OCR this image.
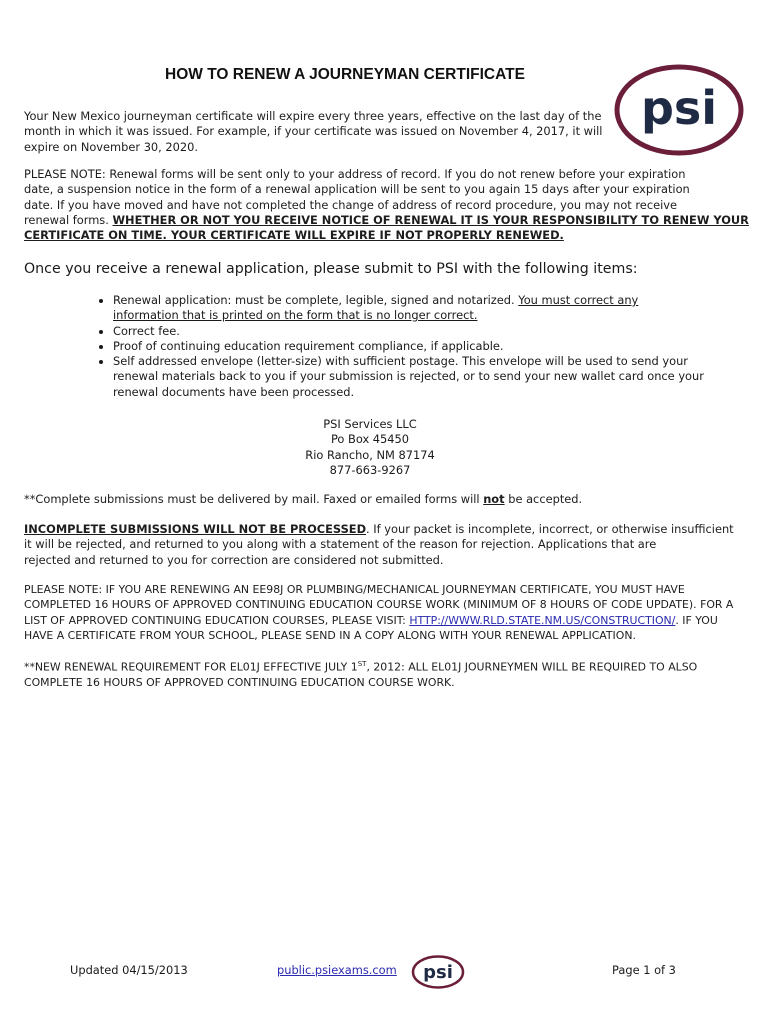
HOW TO RENEW A JOURNEYMAN CERTIFICATE
psi
Your New Mexico journeyman certificate will expire every three years, effective on the last day of the
month in which it was issued. For example, if your certificate was issued on November 4, 2017, it will
expire on November 30, 2020.
PLEASE NOTE: Renewal forms will be sent only to your address of record. If you do not renew before your expiration
date, a suspension notice in the form of a renewal application will be sent to you again 15 days after your expiration
date. If you have moved and have not completed the change of address of record procedure, you may not receive
renewal forms. WHETHER OR NOT YOU RECEIVE NOTICE OF RENEWAL IT IS YOUR RESPONSIBILITY TO RENEW YOUR
CERTIFICATE ON TIME. YOUR CERTIFICATE WILL EXPIRE IF NOT PROPERLY RENEWED.
Once you receive a renewal application, please submit to PSI with the following items:
• Renewal application: must be complete, legible, signed and notarized. You must correct any
information that is printed on the form that is no longer correct.
• Correct fee.
• Proof of continuing education requirement compliance, if applicable.
• Self addressed envelope (letter-size) with sufficient postage. This envelope will be used to send your
renewal materials back to you if your submission is rejected, or to send your new wallet card once your
renewal documents have been processed.
PSI Services LLC
Po Box 45450
Rio Rancho, NM 87174
877-663-9267
**Complete submissions must be delivered by mail. Faxed or emailed forms will not be accepted.
INCOMPLETE SUBMISSIONS WILL NOT BE PROCESSED. If your packet is incomplete, incorrect, or otherwise insufficient
it will be rejected, and returned to you along with a statement of the reason for rejection. Applications that are
rejected and returned to you for correction are considered not submitted.
PLEASE NOTE: IF YOU ARE RENEWING AN EE98J OR PLUMBING/MECHANICAL JOURNEYMAN CERTIFICATE, YOU MUST HAVE
COMPLETED 16 HOURS OF APPROVED CONTINUING EDUCATION COURSE WORK (MINIMUM OF 8 HOURS OF CODE UPDATE). FOR A
LIST OF APPROVED CONTINUING EDUCATION COURSES, PLEASE VISIT: HTTP://WWW.RLD.STATE.NM.US/CONSTRUCTION/. IF YOU
HAVE A CERTIFICATE FROM YOUR SCHOOL, PLEASE SEND IN A COPY ALONG WITH YOUR RENEWAL APPLICATION.
**NEW RENEWAL REQUIREMENT FOR EL01J EFFECTIVE JULY 1ST, 2012: ALL EL01J JOURNEYMEN WILL BE REQUIRED TO ALSO
COMPLETE 16 HOURS OF APPROVED CONTINUING EDUCATION COURSE WORK.
Updated 04/15/2013	public.psiexams.com psi	Page 1 of 3
